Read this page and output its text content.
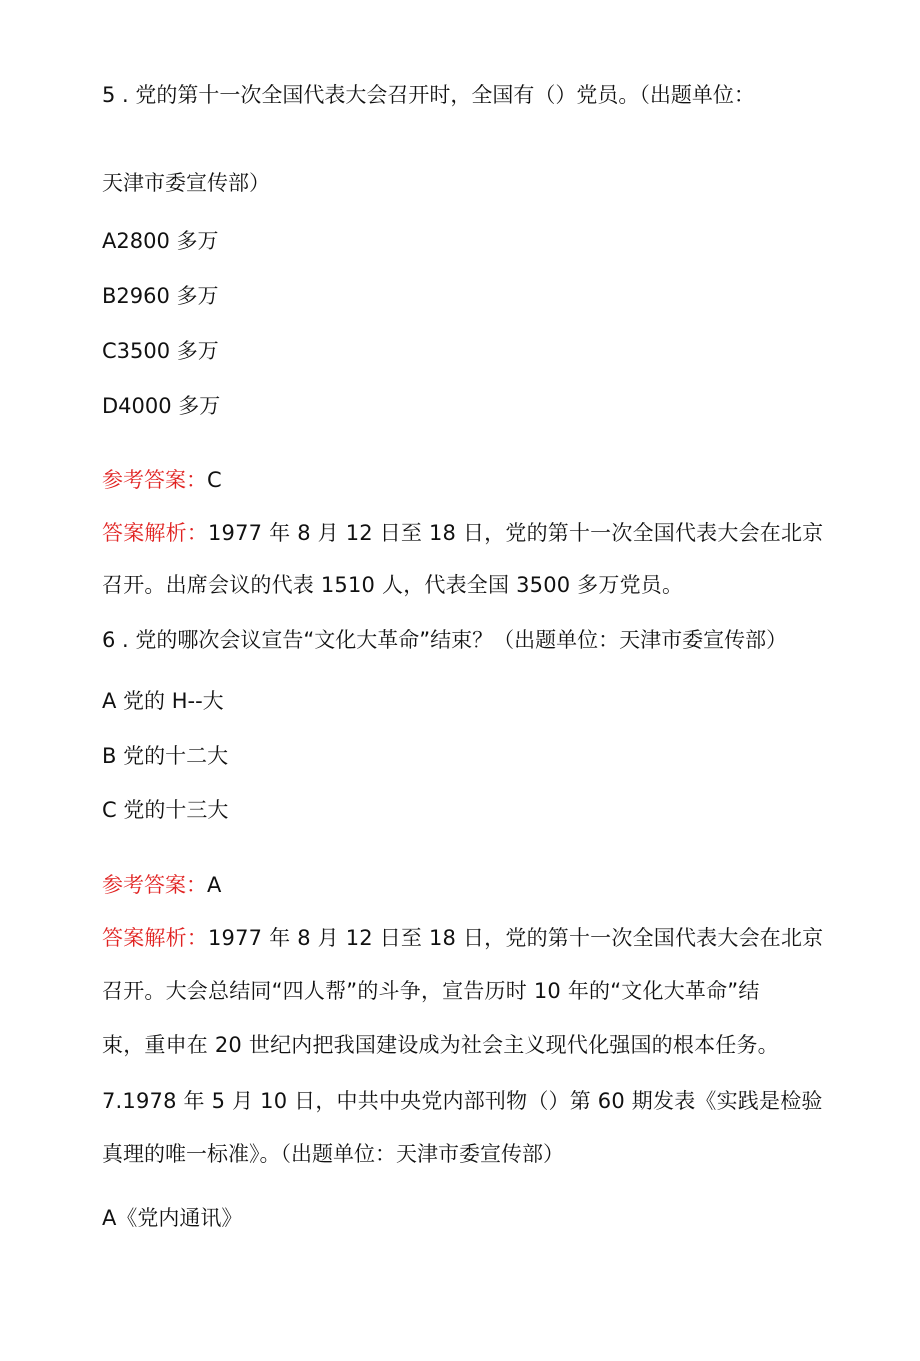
5 . 党的第十一次全国代表大会召开时，全国有（）党员。（出题单位：
天津市委宣传部）
A2800 多万
B2960 多万
C3500 多万
D4000 多万
参考答案：C
答案解析：1977 年 8 月 12 日至 18 日，党的第十一次全国代表大会在北京
召开。出席会议的代表 1510 人，代表全国 3500 多万党员。
6 . 党的哪次会议宣告“文化大革命”结束？（出题单位：天津市委宣传部）
A 党的 H--大
B 党的十二大
C 党的十三大
参考答案：A
答案解析：1977 年 8 月 12 日至 18 日，党的第十一次全国代表大会在北京
召开。大会总结同“四人帮”的斗争，宣告历时 10 年的“文化大革命”结
束，重申在 20 世纪内把我国建设成为社会主义现代化强国的根本任务。
7.1978 年 5 月 10 日，中共中央党内部刊物（）第 60 期发表《实践是检验
真理的唯一标准》。（出题单位：天津市委宣传部）
A《党内通讯》
